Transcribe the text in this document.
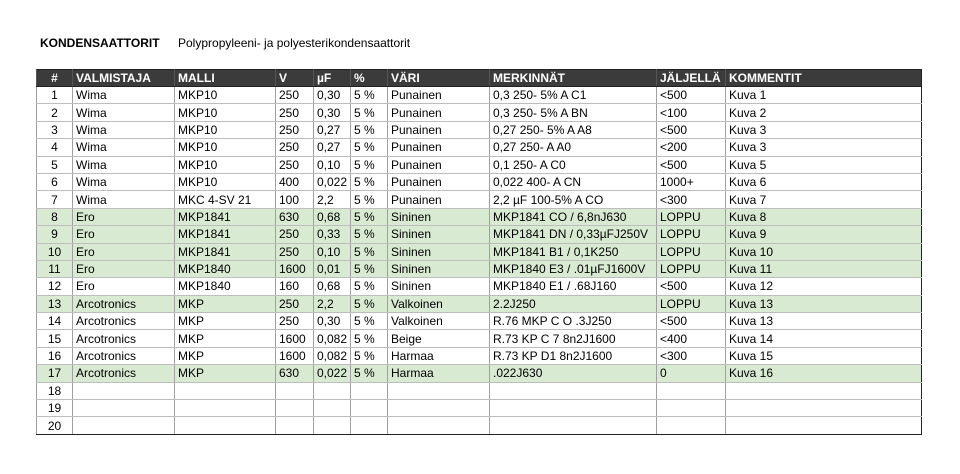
KONDENSAATTORIT Polypropyleeni- ja polyesterikondensaattorit
#	VALMISTAJA	MALLI	V	µF	%	VÄRI	MERKINNÄT	JÄLJELLÄ	KOMMENTIT
1	Wima	MKP10	250	0,30	5 %	Punainen	0,3 250- 5% A C1	<500	Kuva 1
2	Wima	MKP10	250	0,30	5 %	Punainen	0,3 250- 5% A BN	<100	Kuva 2
3	Wima	MKP10	250	0,27	5 %	Punainen	0,27 250- 5% A A8	<500	Kuva 3
4	Wima	MKP10	250	0,27	5 %	Punainen	0,27 250- A A0	<200	Kuva 3
5	Wima	MKP10	250	0,10	5 %	Punainen	0,1 250- A C0	<500	Kuva 5
6	Wima	MKP10	400	0,022	5 %	Punainen	0,022 400- A CN	1000+	Kuva 6
7	Wima	MKC 4-SV 21	100	2,2	5 %	Punainen	2,2 µF 100-5% A CO	<300	Kuva 7
8	Ero	MKP1841	630	0,68	5 %	Sininen	MKP1841 CO / 6,8nJ630	LOPPU	Kuva 8
9	Ero	MKP1841	250	0,33	5 %	Sininen	MKP1841 DN / 0,33µFJ250V	LOPPU	Kuva 9
10	Ero	MKP1841	250	0,10	5 %	Sininen	MKP1841 B1 / 0,1K250	LOPPU	Kuva 10
11	Ero	MKP1840	1600	0,01	5 %	Sininen	MKP1840 E3 / .01µFJ1600V	LOPPU	Kuva 11
12	Ero	MKP1840	160	0,68	5 %	Sininen	MKP1840 E1 / .68J160	<500	Kuva 12
13	Arcotronics	MKP	250	2,2	5 %	Valkoinen	2.2J250	LOPPU	Kuva 13
14	Arcotronics	MKP	250	0,30	5 %	Valkoinen	R.76 MKP C O .3J250	<500	Kuva 13
15	Arcotronics	MKP	1600	0,082	5 %	Beige	R.73 KP C 7 8n2J1600	<400	Kuva 14
16	Arcotronics	MKP	1600	0,082	5 %	Harmaa	R.73 KP D1 8n2J1600	<300	Kuva 15
17	Arcotronics	MKP	630	0,022	5 %	Harmaa	.022J630	0	Kuva 16
18									
19									
20									
